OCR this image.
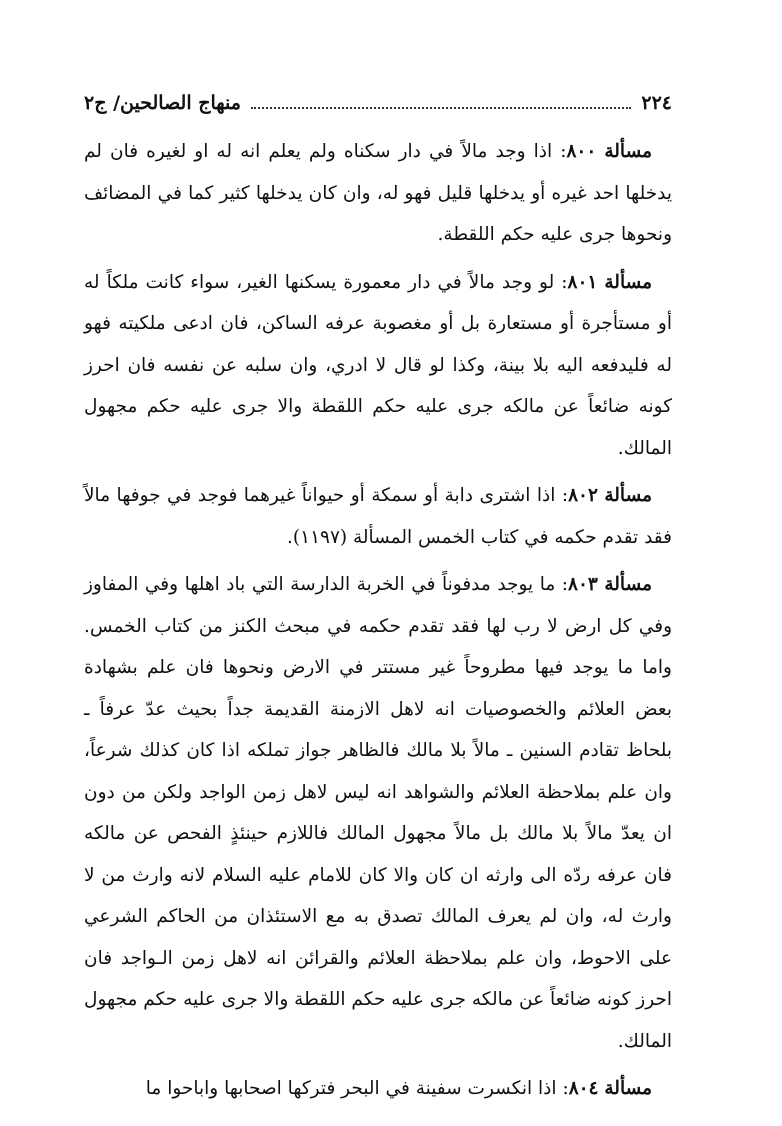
٢٢٤
منهاج الصالحين/ ج٢

مسألة ٨٠٠: اذا وجد مالاً في دار سكناه ولم يعلم انه له او لغيره فان لم يدخلها احد غيره أو يدخلها قليل فهو له، وان كان يدخلها كثير كما في المضائف ونحوها جرى عليه حكم اللقطة.

مسألة ٨٠١: لو وجد مالاً في دار معمورة يسكنها الغير، سواء كانت ملكاً له أو مستأجرة أو مستعارة بل أو مغصوبة عرفه الساكن، فان ادعى ملكيته فهو له فليدفعه اليه بلا بينة، وكذا لو قال لا ادري، وان سلبه عن نفسه فان احرز كونه ضائعاً عن مالكه جرى عليه حكم اللقطة والا جرى عليه حكم مجهول المالك.

مسألة ٨٠٢: اذا اشترى دابة أو سمكة أو حيواناً غيرهما فوجد في جوفها مالاً فقد تقدم حكمه في كتاب الخمس المسألة (١١٩٧).

مسألة ٨٠٣: ما يوجد مدفوناً في الخربة الدارسة التي باد اهلها وفي المفاوز وفي كل ارض لا رب لها فقد تقدم حكمه في مبحث الكنز من كتاب الخمس. واما ما يوجد فيها مطروحاً غير مستتر في الارض ونحوها فان علم بشهادة بعض العلائم والخصوصيات انه لاهل الازمنة القديمة جداً بحيث عدّ عرفاً ـ بلحاظ تقادم السنين ـ مالاً بلا مالك فالظاهر جواز تملكه اذا كان كذلك شرعاً، وان علم بملاحظة العلائم والشواهد انه ليس لاهل زمن الواجد ولكن من دون ان يعدّ مالاً بلا مالك بل مالاً مجهول المالك فاللازم حينئذٍ الفحص عن مالكه فان عرفه ردّه الى وارثه ان كان والا كان للامام عليه السلام لانه وارث من لا وارث له، وان لم يعرف المالك تصدق به مع الاستئذان من الحاكم الشرعي على الاحوط، وان علم بملاحظة العلائم والقرائن انه لاهل زمن الـواجد فان احرز كونه ضائعاً عن مالكه جرى عليه حكم اللقطة والا جرى عليه حكم مجهول المالك.

مسألة ٨٠٤: اذا انكسرت سفينة في البحر فتركها اصحابها واباحوا ما
